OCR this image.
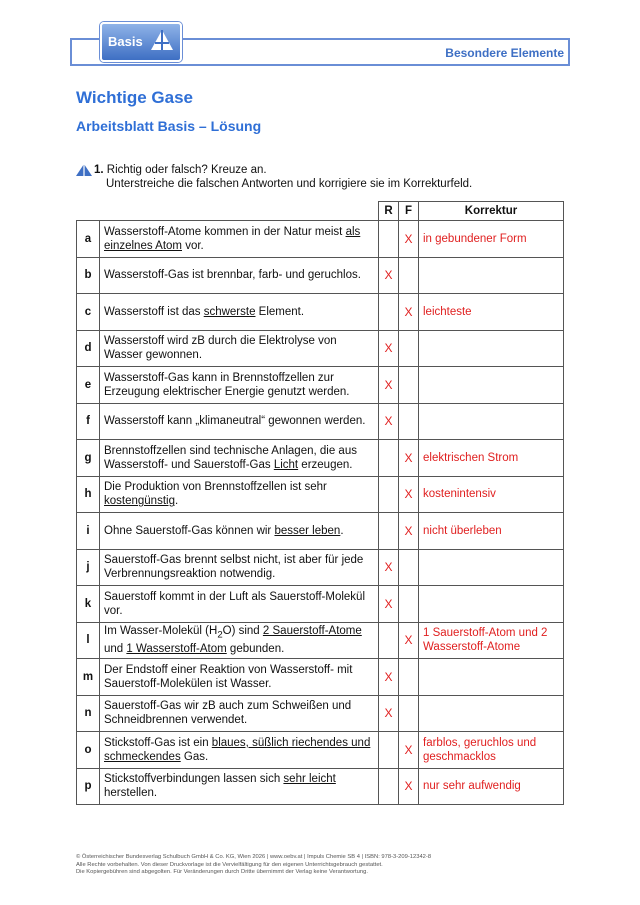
Basis
Besondere Elemente
Wichtige Gase
Arbeitsblatt Basis – Lösung
1. Richtig oder falsch? Kreuze an.
Unterstreiche die falschen Antworten und korrigiere sie im Korrekturfeld.
		R	F	Korrektur
a	Wasserstoff-Atome kommen in der Natur meist als einzelnes Atom vor.		X	in gebundener Form
b	Wasserstoff-Gas ist brennbar, farb- und geruchlos.	X		
c	Wasserstoff ist das schwerste Element.		X	leichteste
d	Wasserstoff wird zB durch die Elektrolyse von Wasser gewonnen.	X		
e	Wasserstoff-Gas kann in Brennstoffzellen zur Erzeugung elektrischer Energie genutzt werden.	X		
f	Wasserstoff kann „klimaneutral“ gewonnen werden.	X		
g	Brennstoffzellen sind technische Anlagen, die aus Wasserstoff- und Sauerstoff-Gas Licht erzeugen.		X	elektrischen Strom
h	Die Produktion von Brennstoffzellen ist sehr kostengünstig.		X	kostenintensiv
i	Ohne Sauerstoff-Gas können wir besser leben.		X	nicht überleben
j	Sauerstoff-Gas brennt selbst nicht, ist aber für jede Verbrennungsreaktion notwendig.	X		
k	Sauerstoff kommt in der Luft als Sauerstoff-Molekül vor.	X		
l	Im Wasser-Molekül $(H_2O)$ sind 2 Sauerstoff-Atome und 1 Wasserstoff-Atom gebunden.		X	1 Sauerstoff-Atom und 2 Wasserstoff-Atome
m	Der Endstoff einer Reaktion von Wasserstoff- mit Sauerstoff-Molekülen ist Wasser.	X		
n	Sauerstoff-Gas wir zB auch zum Schweißen und Schneidbrennen verwendet.	X		
o	Stickstoff-Gas ist ein blaues, süßlich riechendes und schmeckendes Gas.		X	farblos, geruchlos und geschmacklos
p	Stickstoffverbindungen lassen sich sehr leicht herstellen.		X	nur sehr aufwendig
© Österreichischer Bundesverlag Schulbuch GmbH & Co. KG, Wien 2026 | www.oebv.at | Impuls Chemie SB 4 | ISBN: 978-3-209-12342-8
Alle Rechte vorbehalten. Von dieser Druckvorlage ist die Vervielfältigung für den eigenen Unterrichtsgebrauch gestattet.
Die Kopiergebühren sind abgegolten. Für Veränderungen durch Dritte übernimmt der Verlag keine Verantwortung.
